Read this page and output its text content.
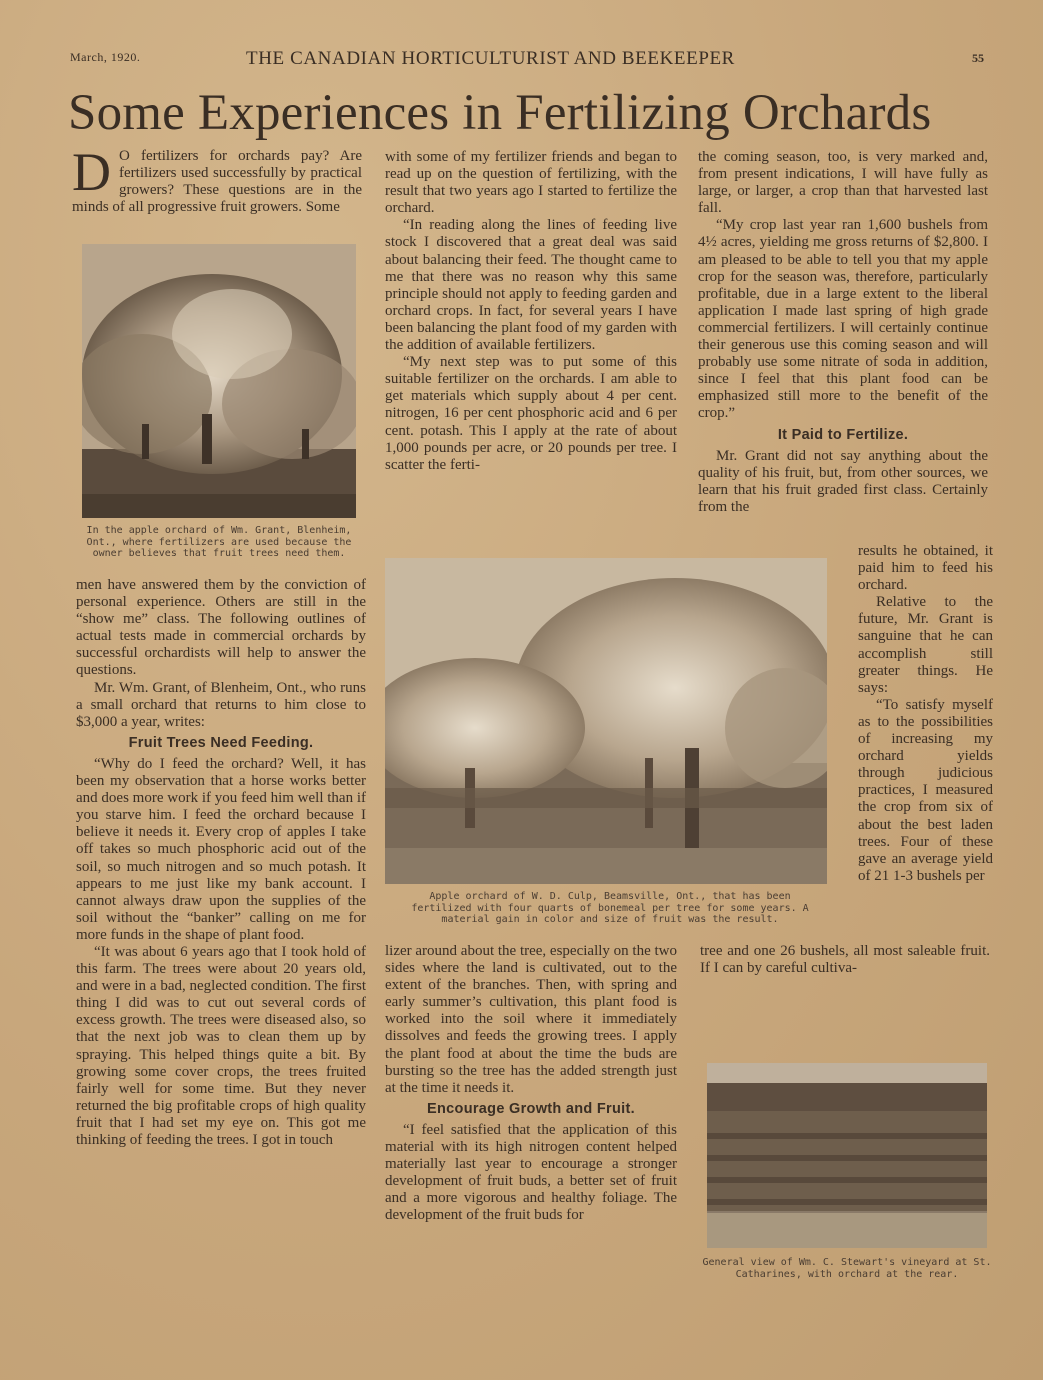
March, 1920.	THE CANADIAN HORTICULTURIST AND BEEKEEPER	55
Some Experiences in Fertilizing Orchards
D O fertilizers for orchards pay? Are fertilizers used successfully by practical growers? These questions are in the minds of all progressive fruit growers. Some
In the apple orchard of Wm. Grant, Blenheim, Ont., where fertilizers are used because the owner believes that fruit trees need them.

men have answered them by the conviction of personal experience. Others are still in the “show me” class. The following outlines of actual tests made in commercial orchards by successful orchardists will help to answer the questions.

Mr. Wm. Grant, of Blenheim, Ont., who runs a small orchard that returns to him close to $3,000 a year, writes:

Fruit Trees Need Feeding.

“Why do I feed the orchard? Well, it has been my observation that a horse works better and does more work if you feed him well than if you starve him. I feed the orchard because I believe it needs it. Every crop of apples I take off takes so much phosphoric acid out of the soil, so much nitrogen and so much potash. It appears to me just like my bank account. I cannot always draw upon the supplies of the soil without the “banker” calling on me for more funds in the shape of plant food.

“It was about 6 years ago that I took hold of this farm. The trees were about 20 years old, and were in a bad, neglected condition. The first thing I did was to cut out several cords of excess growth. The trees were diseased also, so that the next job was to clean them up by spraying. This helped things quite a bit. By growing some cover crops, the trees fruited fairly well for some time. But they never returned the big profitable crops of high quality fruit that I had set my eye on. This got me thinking of feeding the trees. I got in touch

with some of my fertilizer friends and began to read up on the question of fertilizing, with the result that two years ago I started to fertilize the orchard.

“In reading along the lines of feeding live stock I discovered that a great deal was said about balancing their feed. The thought came to me that there was no reason why this same principle should not apply to feeding garden and orchard crops. In fact, for several years I have been balancing the plant food of my garden with the addition of available fertilizers.

“My next step was to put some of this suitable fertilizer on the orchards. I am able to get materials which supply about 4 per cent. nitrogen, 16 per cent phosphoric acid and 6 per cent. potash. This I apply at the rate of about 1,000 pounds per acre, or 20 pounds per tree. I scatter the ferti-

Apple orchard of W. D. Culp, Beamsville, Ont., that has been fertilized with four quarts of bonemeal per tree for some years. A material gain in color and size of fruit was the result.

lizer around about the tree, especially on the two sides where the land is cultivated, out to the extent of the branches. Then, with spring and early summer’s cultivation, this plant food is worked into the soil where it immediately dissolves and feeds the growing trees. I apply the plant food at about the time the buds are bursting so the tree has the added strength just at the time it needs it.

Encourage Growth and Fruit.

“I feel satisfied that the application of this material with its high nitrogen content helped materially last year to encourage a stronger development of fruit buds, a better set of fruit and a more vigorous and healthy foliage. The development of the fruit buds for

the coming season, too, is very marked and, from present indications, I will have fully as large, or larger, a crop than that harvested last fall.

“My crop last year ran 1,600 bushels from 4½ acres, yielding me gross returns of $2,800. I am pleased to be able to tell you that my apple crop for the season was, therefore, particularly profitable, due in a large extent to the liberal application I made last spring of high grade commercial fertilizers. I will certainly continue their generous use this coming season and will probably use some nitrate of soda in addition, since I feel that this plant food can be emphasized still more to the benefit of the crop.”

It Paid to Fertilize.

Mr. Grant did not say anything about the quality of his fruit, but, from other sources, we learn that his fruit graded first class. Certainly from the

results he obtained, it paid him to feed his orchard.

Relative to the future, Mr. Grant is sanguine that he can accomplish still greater things. He says:

“To satisfy myself as to the possibilities of increasing my orchard yields through judicious practices, I measured the crop from six of about the best laden trees. Four of these gave an average yield of 21 1-3 bushels per

tree and one 26 bushels, all most saleable fruit. If I can by careful cultiva-

General view of Wm. C. Stewart's vineyard at St. Catharines, with orchard at the rear.
